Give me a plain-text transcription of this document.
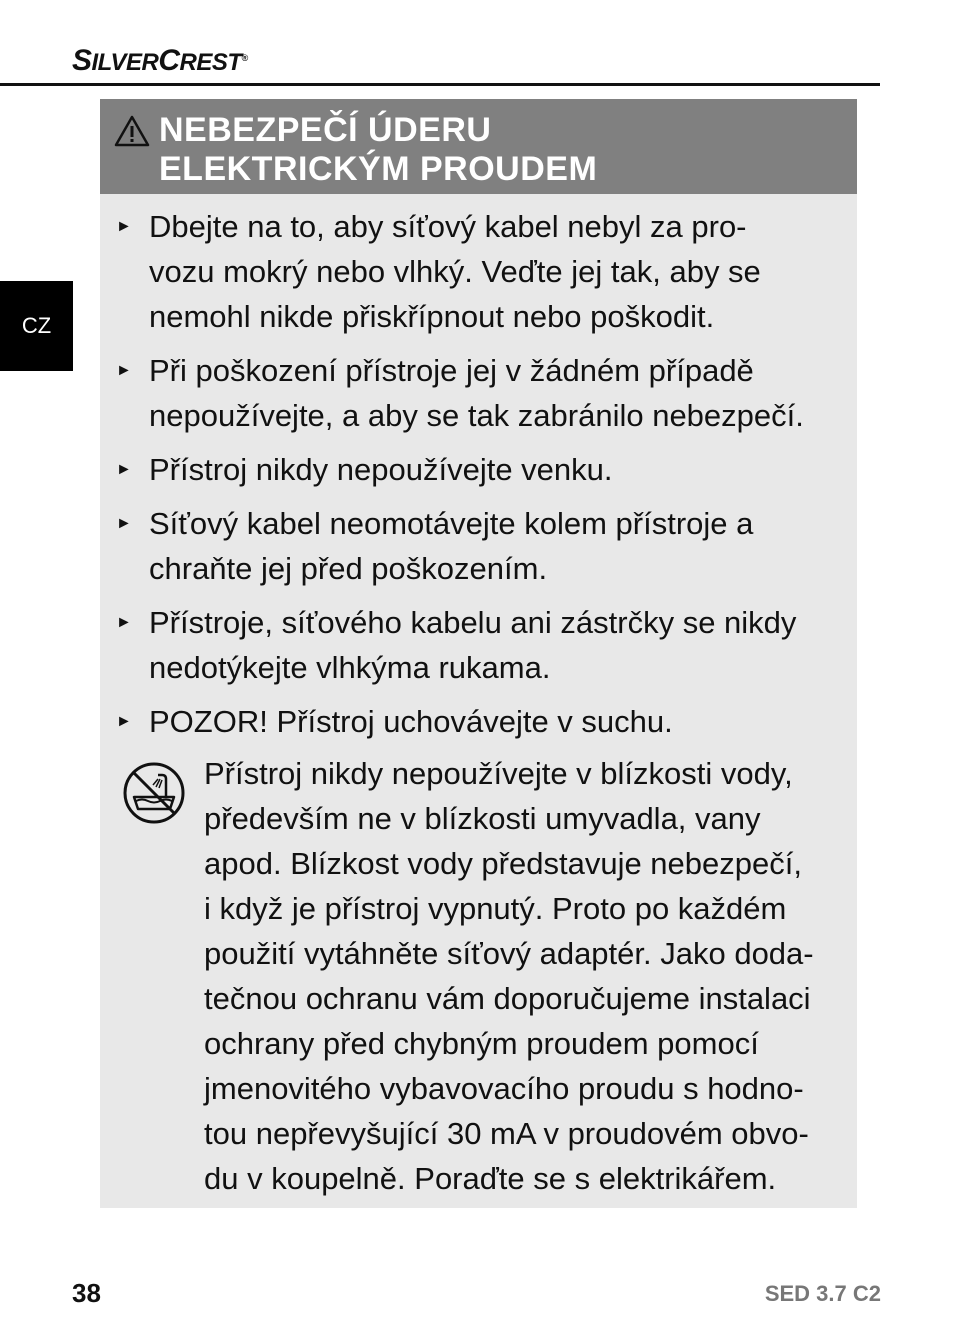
SILVERCREST®
CZ
NEBEZPEČÍ ÚDERU
ELEKTRICKÝM PROUDEM
► Dbejte na to, aby síťový kabel nebyl za pro-
vozu mokrý nebo vlhký. Veďte jej tak, aby se
nemohl nikde přiskřípnout nebo poškodit.
► Při poškození přístroje jej v žádném případě
nepoužívejte, a aby se tak zabránilo nebezpečí.
► Přístroj nikdy nepoužívejte venku.
► Síťový kabel neomotávejte kolem přístroje a
chraňte jej před poškozením.
► Přístroje, síťového kabelu ani zástrčky se nikdy
nedotýkejte vlhkýma rukama.
► POZOR! Přístroj uchovávejte v suchu.
Přístroj nikdy nepoužívejte v blízkosti vody,
především ne v blízkosti umyvadla, vany
apod. Blízkost vody představuje nebezpečí,
i když je přístroj vypnutý. Proto po každém
použití vytáhněte síťový adaptér. Jako doda-
tečnou ochranu vám doporučujeme instalaci
ochrany před chybným proudem pomocí
jmenovitého vybavovacího proudu s hodno-
tou nepřevyšující 30 mA v proudovém obvo-
du v koupelně. Poraďte se s elektrikářem.
38	SED 3.7 C2
